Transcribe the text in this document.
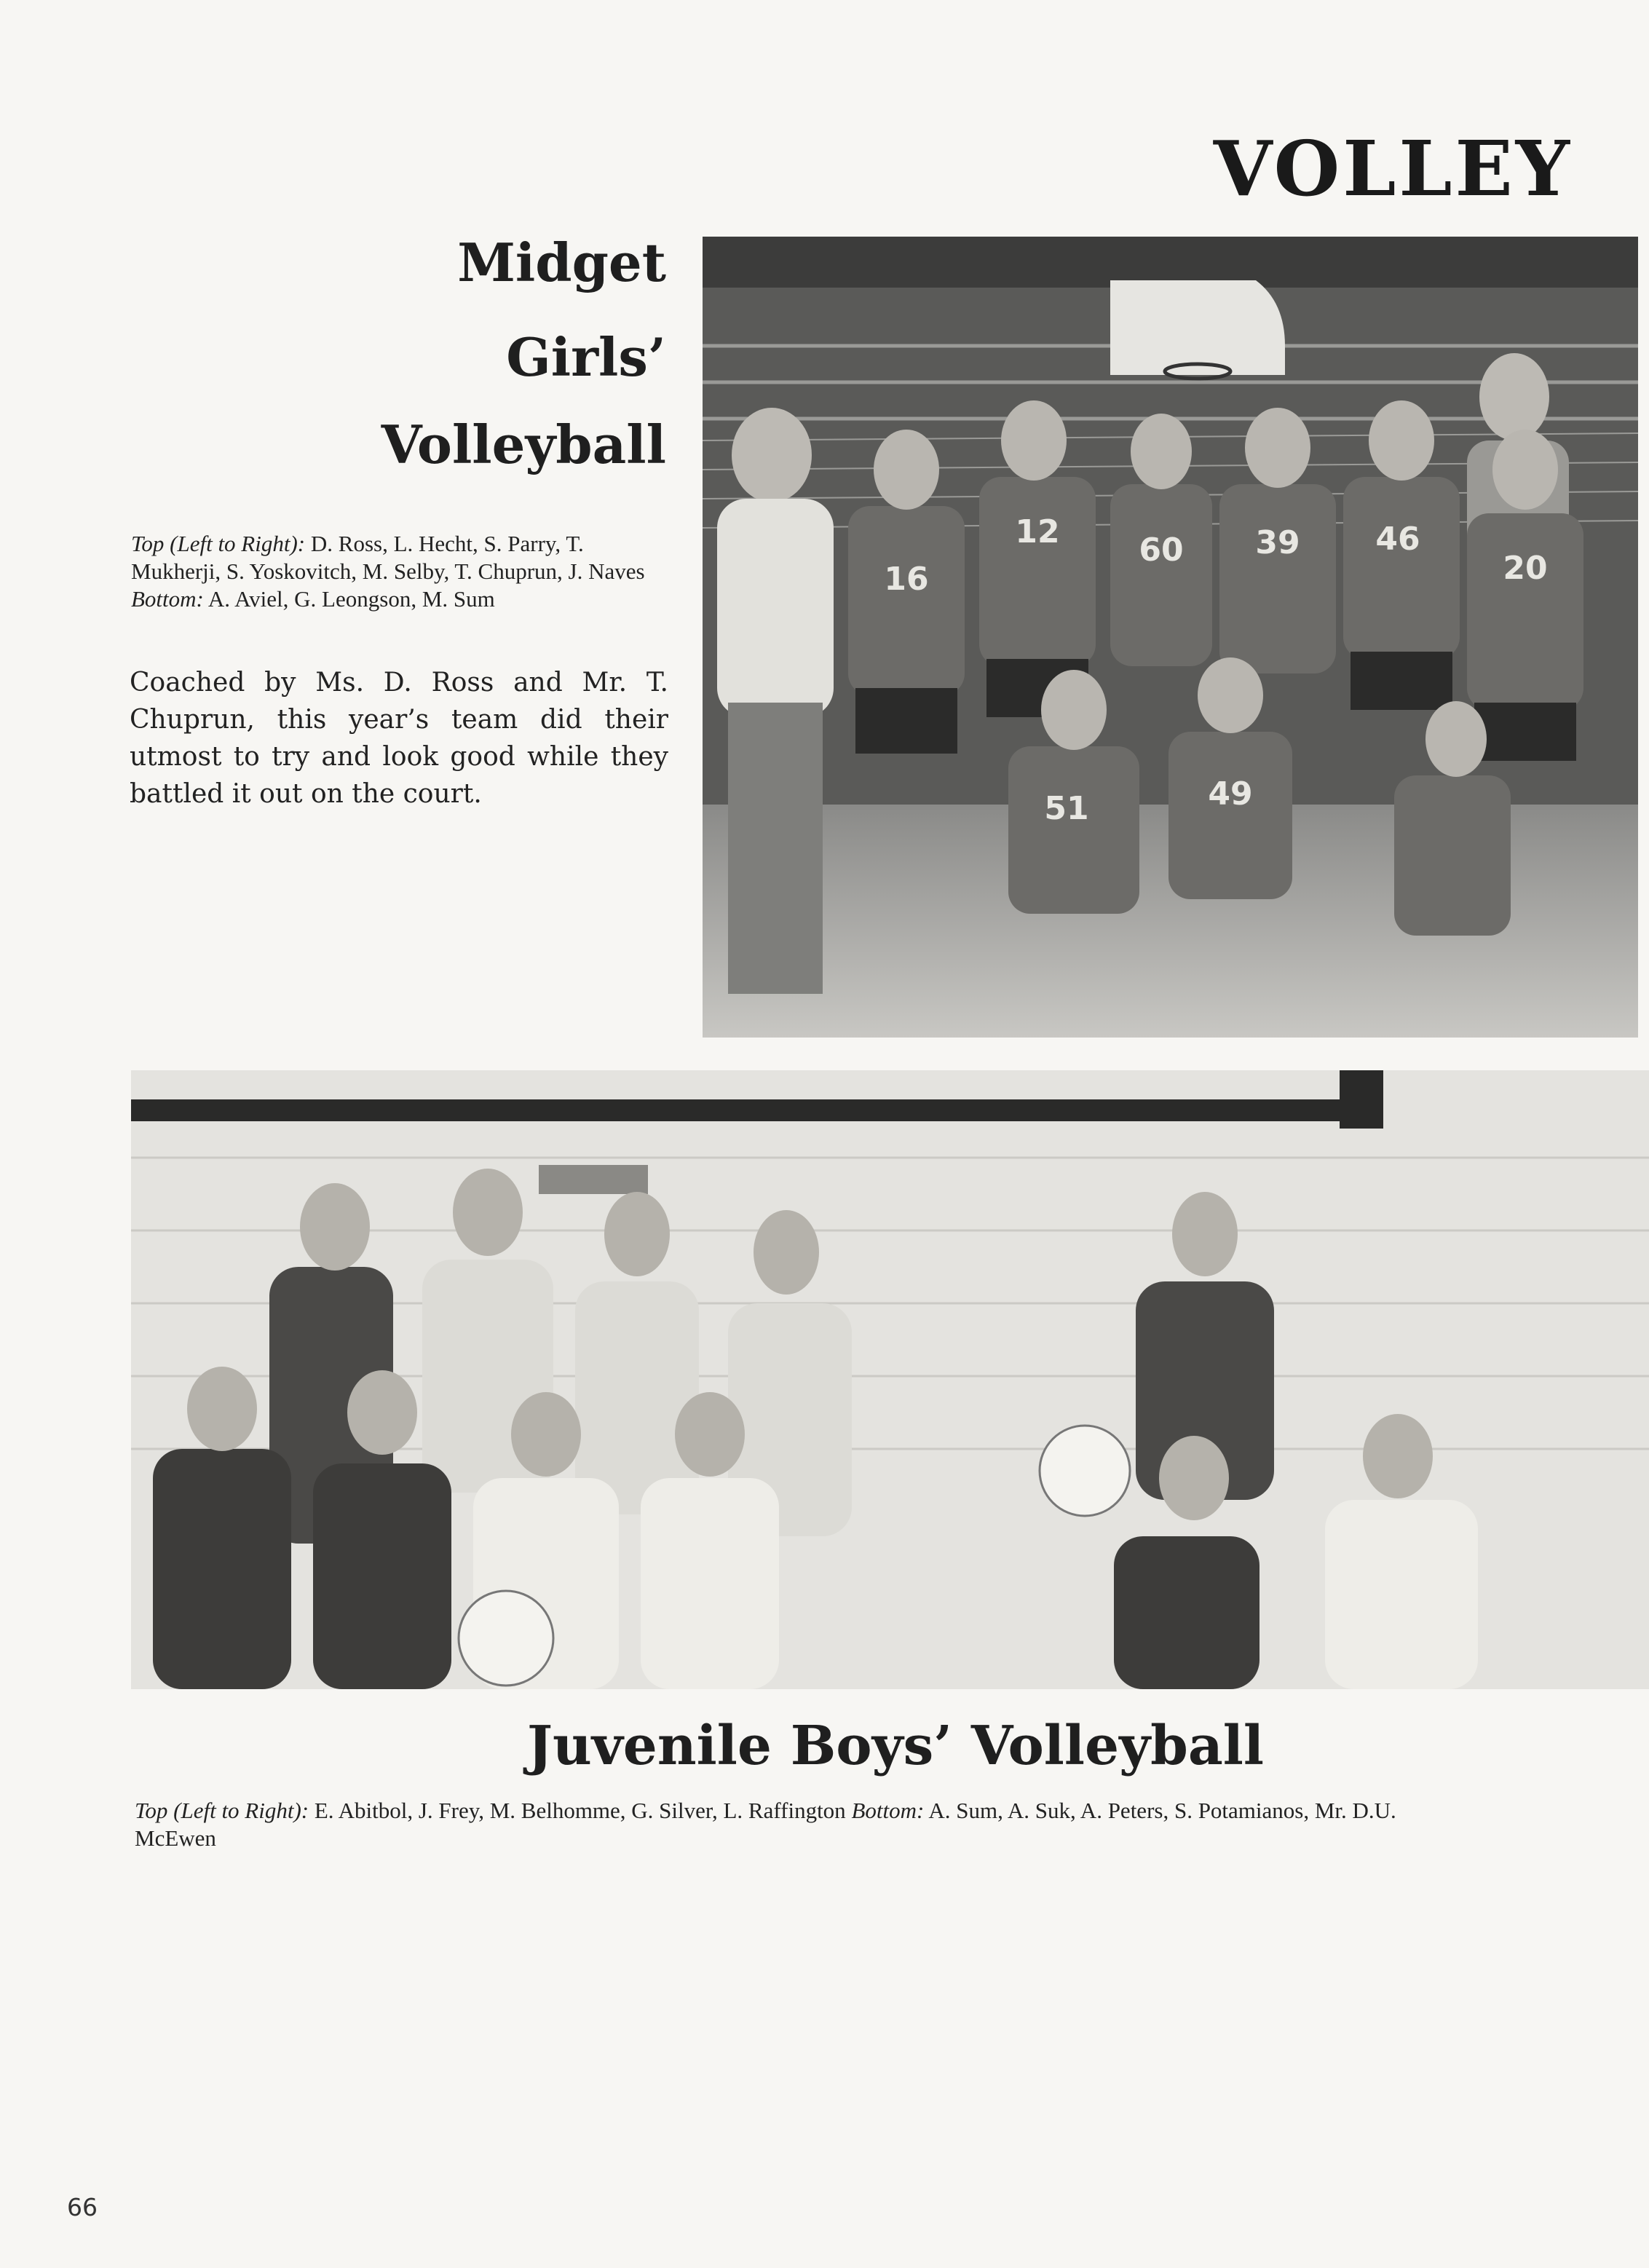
VOLLEY
Midget
Girls’
Volleyball
Top (Left to Right): D. Ross, L. Hecht, S. Parry, T. Mukherji, S. Yoskovitch, M. Selby, T. Chuprun, J. Naves Bottom: A. Aviel, G. Leongson, M. Sum
Coached by Ms. D. Ross and Mr. T. Chuprun, this year’s team did their utmost to try and look good while they battled it out on the court.
16
12 60 39 46
20
51	49
Juvenile Boys’ Volleyball
Top (Left to Right): E. Abitbol, J. Frey, M. Belhomme, G. Silver, L. Raffington Bottom: A. Sum, A. Suk, A. Peters, S. Potamianos, Mr. D.U. McEwen
66
